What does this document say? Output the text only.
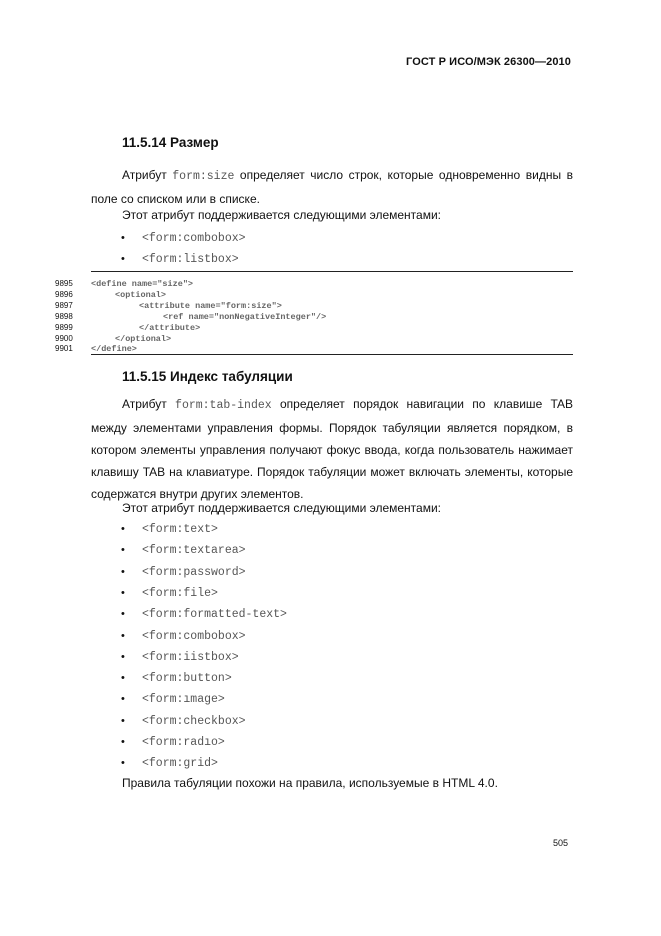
ГОСТ Р ИСО/МЭК 26300—2010
11.5.14 Размер

Атрибут form:size определяет число строк, которые одновременно видны в поле со списком или в списке.

Этот атрибут поддерживается следующими элементами:
• <form:combobox>
• <form:listbox>
9895 <define name="size">
9896	<optional>
9897	<attribute name="form:size">
9898	<ref name="nonNegativeInteger"/>
9899	</attribute>
9900	</optional>
9901 </define>
11.5.15 Индекс табуляции

Атрибут form:tab-index определяет порядок навигации по клавише TAB между элементами управления формы. Порядок табуляции является порядком, в котором элементы управления получают фокус ввода, когда пользователь нажимает клавишу TAB на клавиатуре. Порядок табуляции может включать элементы, которые содержатся внутри других элементов.

Этот атрибут поддерживается следующими элементами:
• <form:text>
• <form:textarea>
• <form:password>
• <form:file>
• <form:formatted-text>
• <form:combobox>
• <form:iistbox>
• <form:button>
• <form:ımage>
• <form:checkbox>
• <form:radıo>
• <form:grid>
Правила табуляции похожи на правила, используемые в HTML 4.0.
505
